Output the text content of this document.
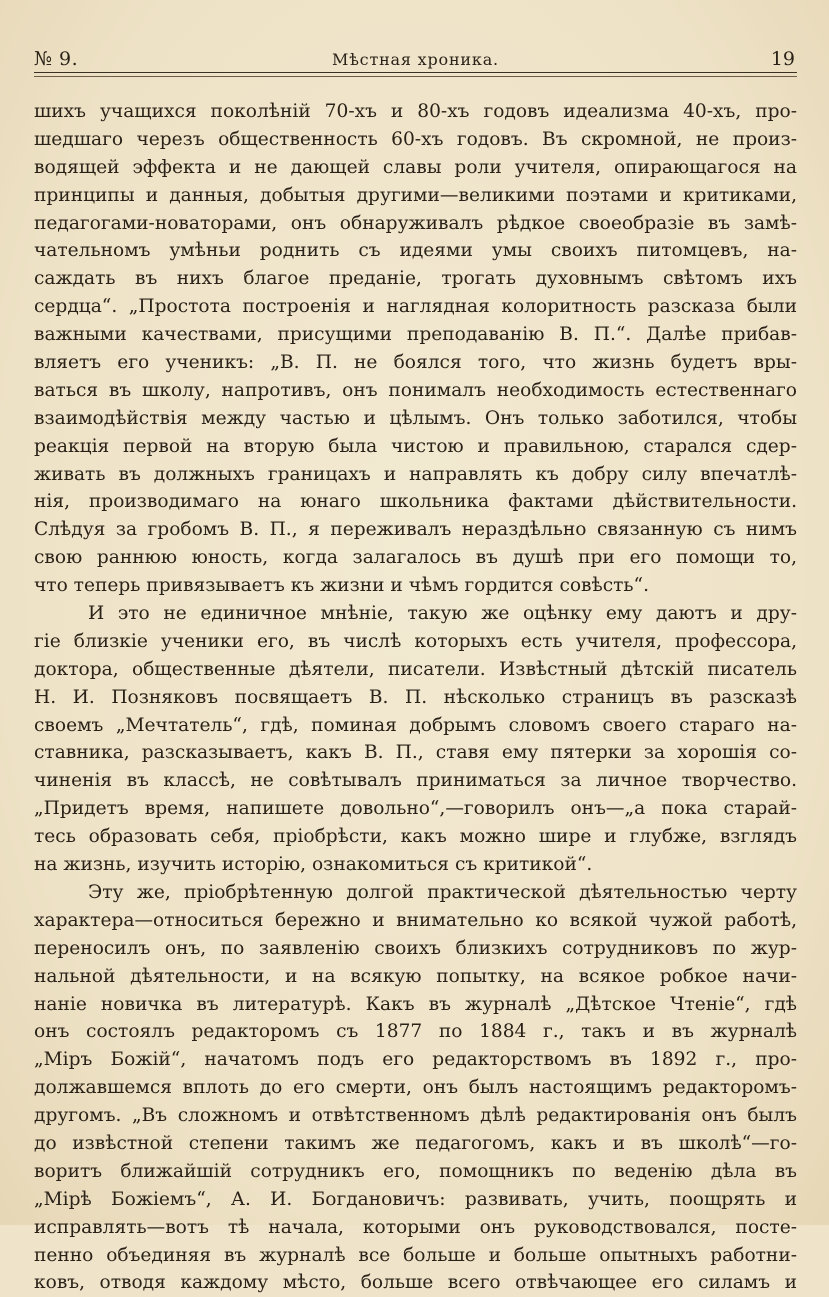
№ 9.	Мѣстная хроника.	19
шихъ учащихся поколѣній 70-хъ и 80-хъ годовъ идеализма 40-хъ, про-
шедшаго черезъ общественность 60-хъ годовъ. Въ скромной, не произ-
водящей эффекта и не дающей славы роли учителя, опирающагося на
принципы и данныя, добытыя другими—великими поэтами и критиками,
педагогами-новаторами, онъ обнаруживалъ рѣдкое своеобразіе въ замѣ-
чательномъ умѣньи роднить съ идеями умы своихъ питомцевъ, на-
саждать въ нихъ благое преданіе, трогать духовнымъ свѣтомъ ихъ
сердца“. „Простота построенія и наглядная колоритность разсказа были
важными качествами, присущими преподаванію В. П.“. Далѣе прибав-
вляетъ его ученикъ: „В. П. не боялся того, что жизнь будетъ вры-
ваться въ школу, напротивъ, онъ понималъ необходимость естественнаго
взаимодѣйствія между частью и цѣлымъ. Онъ только заботился, чтобы
реакція первой на вторую была чистою и правильною, старался сдер-
живать въ должныхъ границахъ и направлять къ добру силу впечатлѣ-
нія, производимаго на юнаго школьника фактами дѣйствительности.
Слѣдуя за гробомъ В. П., я переживалъ нераздѣльно связанную съ нимъ
свою раннюю юность, когда залагалось въ душѣ при его помощи то,
что теперь привязываетъ къ жизни и чѣмъ гордится совѣсть“.
И это не единичное мнѣніе, такую же оцѣнку ему даютъ и дру-
гіе близкіе ученики его, въ числѣ которыхъ есть учителя, профессора,
доктора, общественные дѣятели, писатели. Извѣстный дѣтскій писатель
Н. И. Позняковъ посвящаетъ В. П. нѣсколько страницъ въ разсказѣ
своемъ „Мечтатель“, гдѣ, поминая добрымъ словомъ своего стараго на-
ставника, разсказываетъ, какъ В. П., ставя ему пятерки за хорошія со-
чиненія въ классѣ, не совѣтывалъ приниматься за личное творчество.
„Придетъ время, напишете довольно“,—говорилъ онъ—„а пока старай-
тесь образовать себя, пріобрѣсти, какъ можно шире и глубже, взглядъ
на жизнь, изучить исторію, ознакомиться съ критикой“.
Эту же, пріобрѣтенную долгой практической дѣятельностью черту
характера—относиться бережно и внимательно ко всякой чужой работѣ,
переносилъ онъ, по заявленію своихъ близкихъ сотрудниковъ по жур-
нальной дѣятельности, и на всякую попытку, на всякое робкое начи-
наніе новичка въ литературѣ. Какъ въ журналѣ „Дѣтское Чтеніе“, гдѣ
онъ состоялъ редакторомъ съ 1877 по 1884 г., такъ и въ журналѣ
„Міръ Божій“, начатомъ подъ его редакторствомъ въ 1892 г., про-
должавшемся вплоть до его смерти, онъ былъ настоящимъ редакторомъ-
другомъ. „Въ сложномъ и отвѣтственномъ дѣлѣ редактированія онъ былъ
до извѣстной степени такимъ же педагогомъ, какъ и въ школѣ“—го-
воритъ ближайшій сотрудникъ его, помощникъ по веденію дѣла въ
„Мірѣ Божіемъ“, А. И. Богдановичъ: развивать, учить, поощрять и
исправлять—вотъ тѣ начала, которыми онъ руководствовался, посте-
пенно объединяя въ журналѣ все больше и больше опытныхъ работни-
ковъ, отводя каждому мѣсто, больше всего отвѣчающее его силамъ и
